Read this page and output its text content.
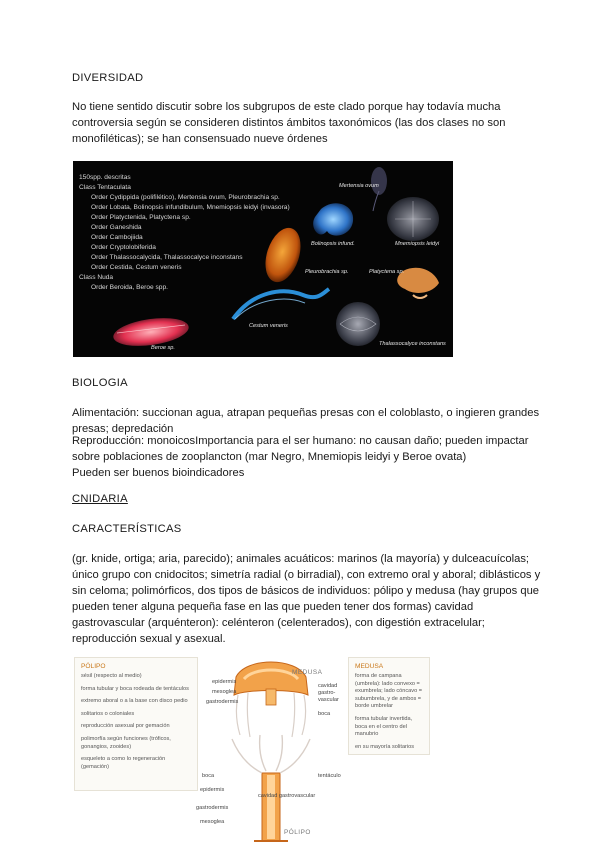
DIVERSIDAD
No tiene sentido discutir sobre los subgrupos de este clado porque hay todavía mucha controversia según se consideren distintos ámbitos taxonómicos (las dos clases no son monofiléticas); se han consensuado nueve órdenes
150spp. descritas
Class Tentaculata
Order Cydippida (polifilético), Mertensia ovum, Pleurobrachia sp.
Order Lobata, Bolinopsis infundibulum, Mnemiopsis leidyi (invasora)
Order Platyctenida, Platyctena sp.
Order Ganeshida
Order Cambojiida
Order Cryptolobiferida
Order Thalassocalycida, Thalassocalyce inconstans
Order Cestida, Cestum veneris
Class Nuda
Order Beroida, Beroe spp.
Mertensia ovum
Bolinopsis infund.	Mnemiopsis leidyi
Pleurobrachia sp.	Platyctena sp.
Cestum veneris
Thalassocalyce inconstans
Beroe sp.
BIOLOGIA
Alimentación: succionan agua, atrapan pequeñas presas con el coloblasto, o ingieren grandes presas; depredación
Reproducción: monoicosImportancia para el ser humano: no causan daño; pueden impactar sobre poblaciones de zooplancton (mar Negro, Mnemiopis leidyi y Beroe ovata)
Pueden ser buenos bioindicadores
CNIDARIA
CARACTERÍSTICAS
(gr. knide, ortiga; aria, parecido); animales acuáticos: marinos (la mayoría) y dulceacuícolas; único grupo con cnidocitos; simetría radial (o birradial), con extremo oral y aboral; diblásticos y sin celoma; polimórficos, dos tipos de básicos de individuos: pólipo y medusa (hay grupos que pueden tener alguna pequeña fase en las que pueden tener dos formas) cavidad gastrovascular (arquénteron): celénteron (celenterados), con digestión extracelular; reproducción sexual y asexual.
PÓLIPO
sésil (respecto al medio)
forma tubular y boca rodeada de tentáculos
extremo aboral o a la base con disco pedio
solitarios o coloniales
reproducción asexual por gemación
polimorfía según funciones (tróficos, gonangios, zooides)
esqueleto a como lo regeneración (gemación)
MEDUSA
forma de campana (umbrela): lado convexo = exumbrela; lado cóncavo = subumbrela, y de ambos = borde umbrelar
forma tubular invertida, boca en el centro del manubrio
en su mayoría solitarios
MEDUSA
epidermis
mesoglea
gastrodermis
cavidad gastro- vascular
boca
boca	tentáculo
epidermis
cavidad gastrovascular
gastrodermis
mesoglea
PÓLIPO
